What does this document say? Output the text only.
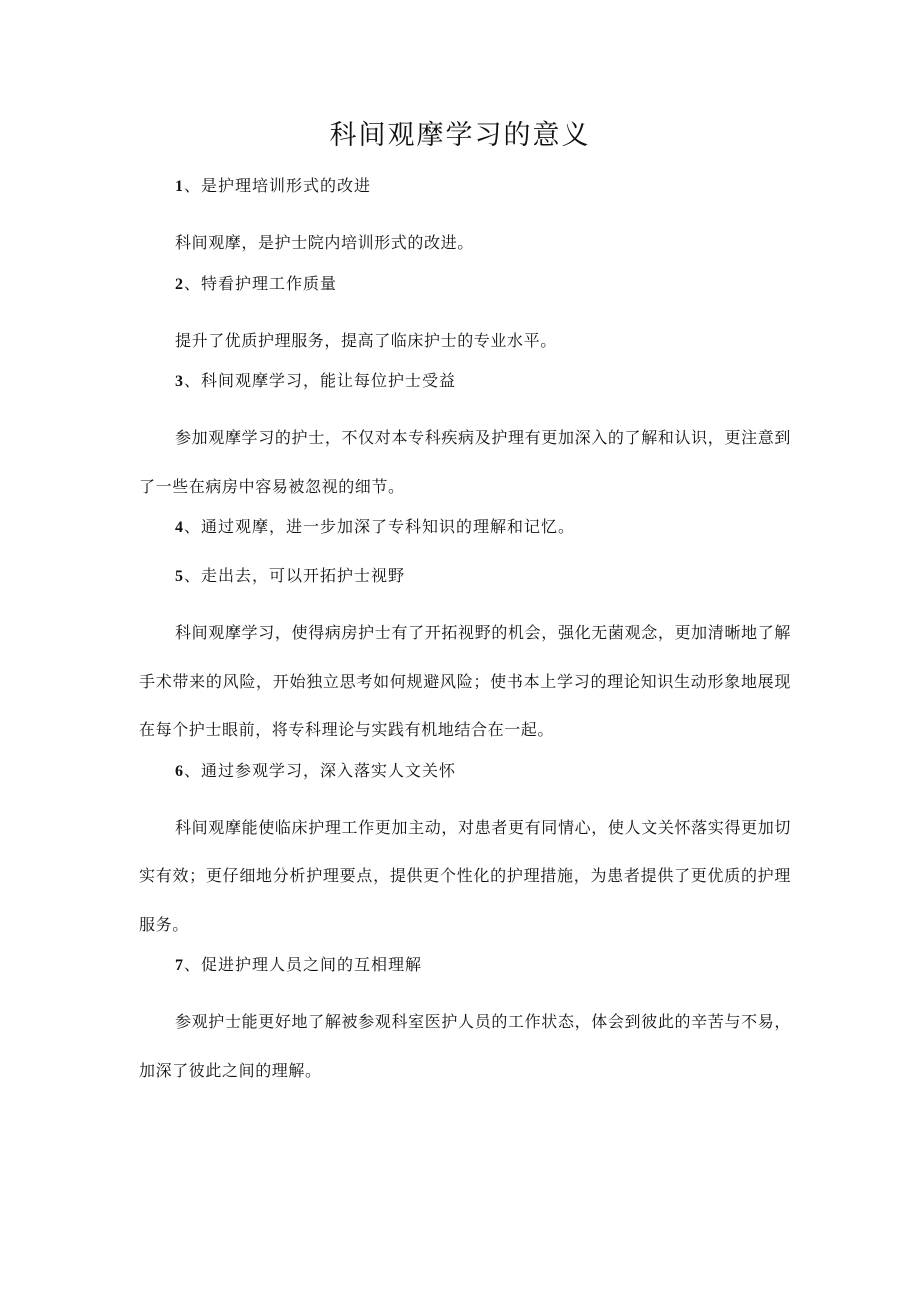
科间观摩学习的意义
1、是护理培训形式的改进

科间观摩，是护士院内培训形式的改进。

2、特看护理工作质量

提升了优质护理服务，提高了临床护士的专业水平。

3、科间观摩学习，能让每位护士受益

参加观摩学习的护士，不仅对本专科疾病及护理有更加深入的了解和认识，更注意到了一些在病房中容易被忽视的细节。

4、通过观摩，进一步加深了专科知识的理解和记忆。
5、走出去，可以开拓护士视野

科间观摩学习，使得病房护士有了开拓视野的机会，强化无菌观念，更加清晰地了解手术带来的风险，开始独立思考如何规避风险；使书本上学习的理论知识生动形象地展现在每个护士眼前，将专科理论与实践有机地结合在一起。

6、通过参观学习，深入落实人文关怀

科间观摩能使临床护理工作更加主动，对患者更有同情心，使人文关怀落实得更加切实有效；更仔细地分析护理要点，提供更个性化的护理措施，为患者提供了更优质的护理服务。

7、促进护理人员之间的互相理解

参观护士能更好地了解被参观科室医护人员的工作状态，体会到彼此的辛苦与不易，加深了彼此之间的理解。
